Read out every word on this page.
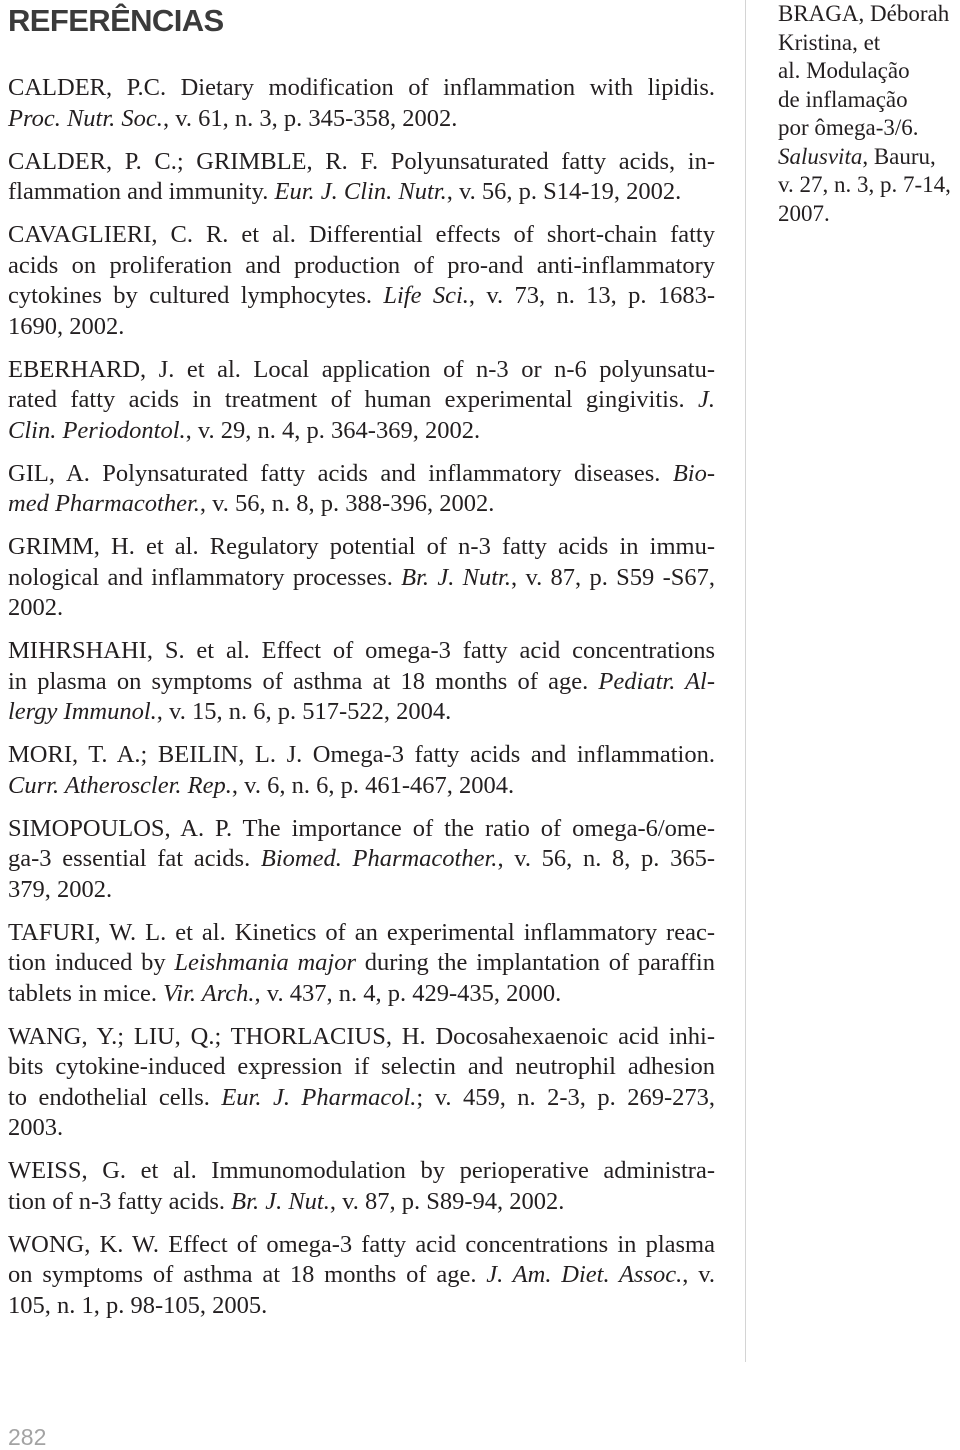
REFERÊNCIAS
CALDER, P.C. Dietary modification of inflammation with lipidis.
Proc. Nutr. Soc., v. 61, n. 3, p. 345-358, 2002.
CALDER, P. C.; GRIMBLE, R. F. Polyunsaturated fatty acids, in-
flammation and immunity. Eur. J. Clin. Nutr., v. 56, p. S14-19, 2002.
CAVAGLIERI, C. R. et al. Differential effects of short-chain fatty
acids on proliferation and production of pro-and anti-inflammatory
cytokines by cultured lymphocytes. Life Sci., v. 73, n. 13, p. 1683-
1690, 2002.
EBERHARD, J. et al. Local application of n-3 or n-6 polyunsatu-
rated fatty acids in treatment of human experimental gingivitis. J.
Clin. Periodontol., v. 29, n. 4, p. 364-369, 2002.
GIL, A. Polynsaturated fatty acids and inflammatory diseases. Bio-
med Pharmacother., v. 56, n. 8, p. 388-396, 2002.
GRIMM, H. et al. Regulatory potential of n-3 fatty acids in immu-
nological and inflammatory processes. Br. J. Nutr., v. 87, p. S59 -S67,
2002.
MIHRSHAHI, S. et al. Effect of omega-3 fatty acid concentrations
in plasma on symptoms of asthma at 18 months of age. Pediatr. Al-
lergy Immunol., v. 15, n. 6, p. 517-522, 2004.
MORI, T. A.; BEILIN, L. J. Omega-3 fatty acids and inflammation.
Curr. Atheroscler. Rep., v. 6, n. 6, p. 461-467, 2004.
SIMOPOULOS, A. P. The importance of the ratio of omega-6/ome-
ga-3 essential fat acids. Biomed. Pharmacother., v. 56, n. 8, p. 365-
379, 2002.
TAFURI, W. L. et al. Kinetics of an experimental inflammatory reac-
tion induced by Leishmania major during the implantation of paraffin
tablets in mice. Vir. Arch., v. 437, n. 4, p. 429-435, 2000.
WANG, Y.; LIU, Q.; THORLACIUS, H. Docosahexaenoic acid inhi-
bits cytokine-induced expression if selectin and neutrophil adhesion
to endothelial cells. Eur. J. Pharmacol.; v. 459, n. 2-3, p. 269-273,
2003.
WEISS, G. et al. Immunomodulation by perioperative administra-
tion of n-3 fatty acids. Br. J. Nut., v. 87, p. S89-94, 2002.
WONG, K. W. Effect of omega-3 fatty acid concentrations in plasma
on symptoms of asthma at 18 months of age. J. Am. Diet. Assoc., v.
105, n. 1, p. 98-105, 2005.
BRAGA, Déborah
Kristina, et
al. Modulação
de inflamação
por ômega-3/6.
Salusvita, Bauru,
v. 27, n. 3, p. 7-14,
2007.
282
